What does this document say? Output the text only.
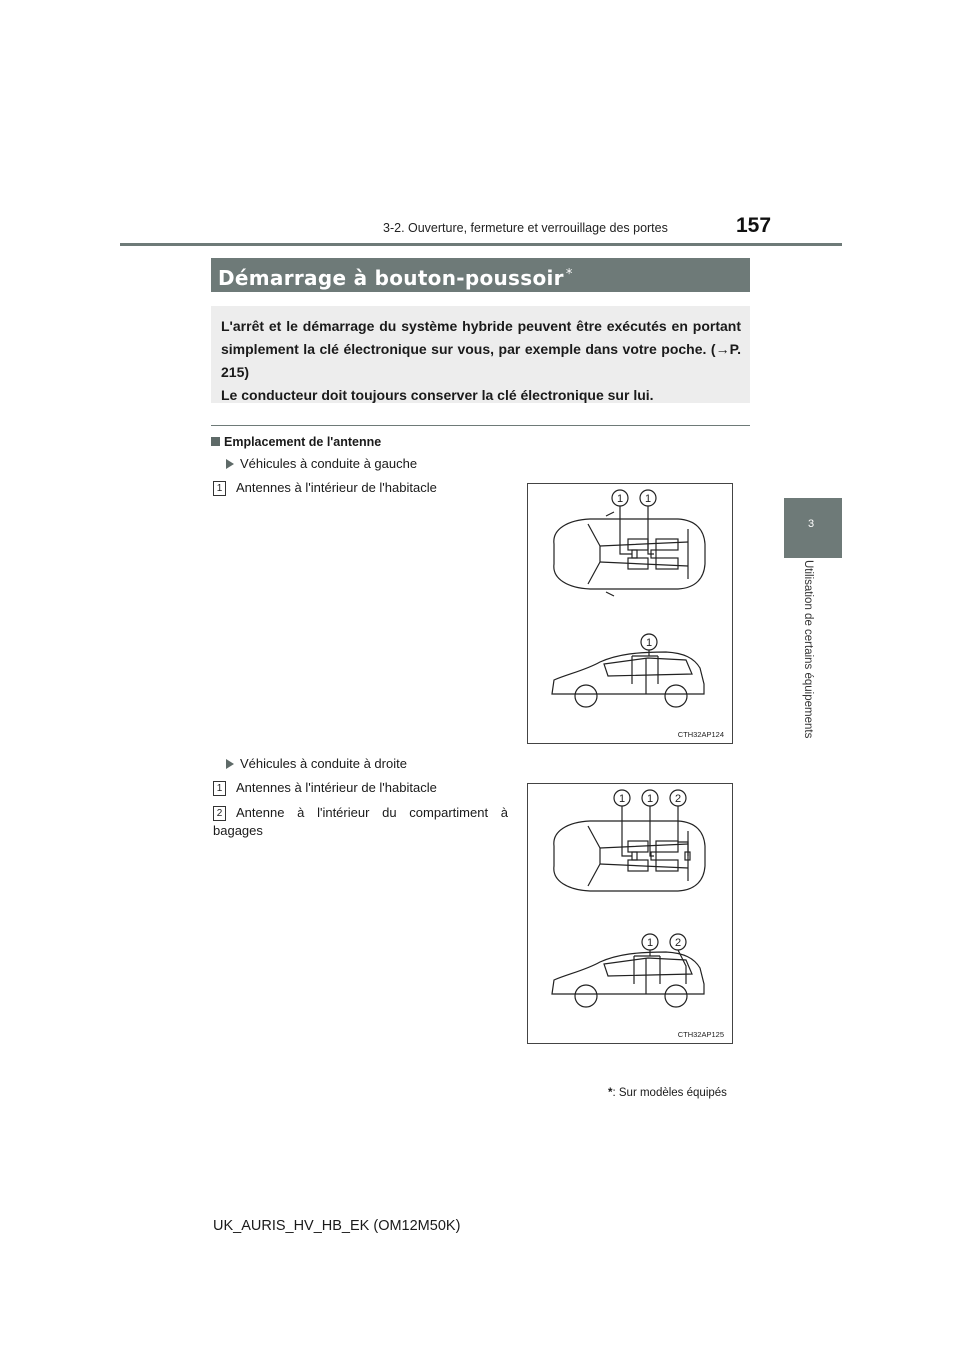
3-2. Ouverture, fermeture et verrouillage des portes	157
3
Utilisation de certains équipements
Démarrage à bouton-poussoir *

L'arrêt et le démarrage du système hybride peuvent être exécutés en portant simplement la clé électronique sur vous, par exemple dans votre poche. (→P. 215)

Le conducteur doit toujours conserver la clé électronique sur lui.

Emplacement de l'antenne
Véhicules à conduite à gauche
1 Antennes à l'intérieur de l'habitacle
1 1
1
CTH32AP124
Véhicules à conduite à droite
1 Antennes à l'intérieur de l'habitacle
2 Antenne à l'intérieur du compartiment à bagages
1 1 2
1 2
CTH32AP125
*: Sur modèles équipés
UK_AURIS_HV_HB_EK (OM12M50K)
